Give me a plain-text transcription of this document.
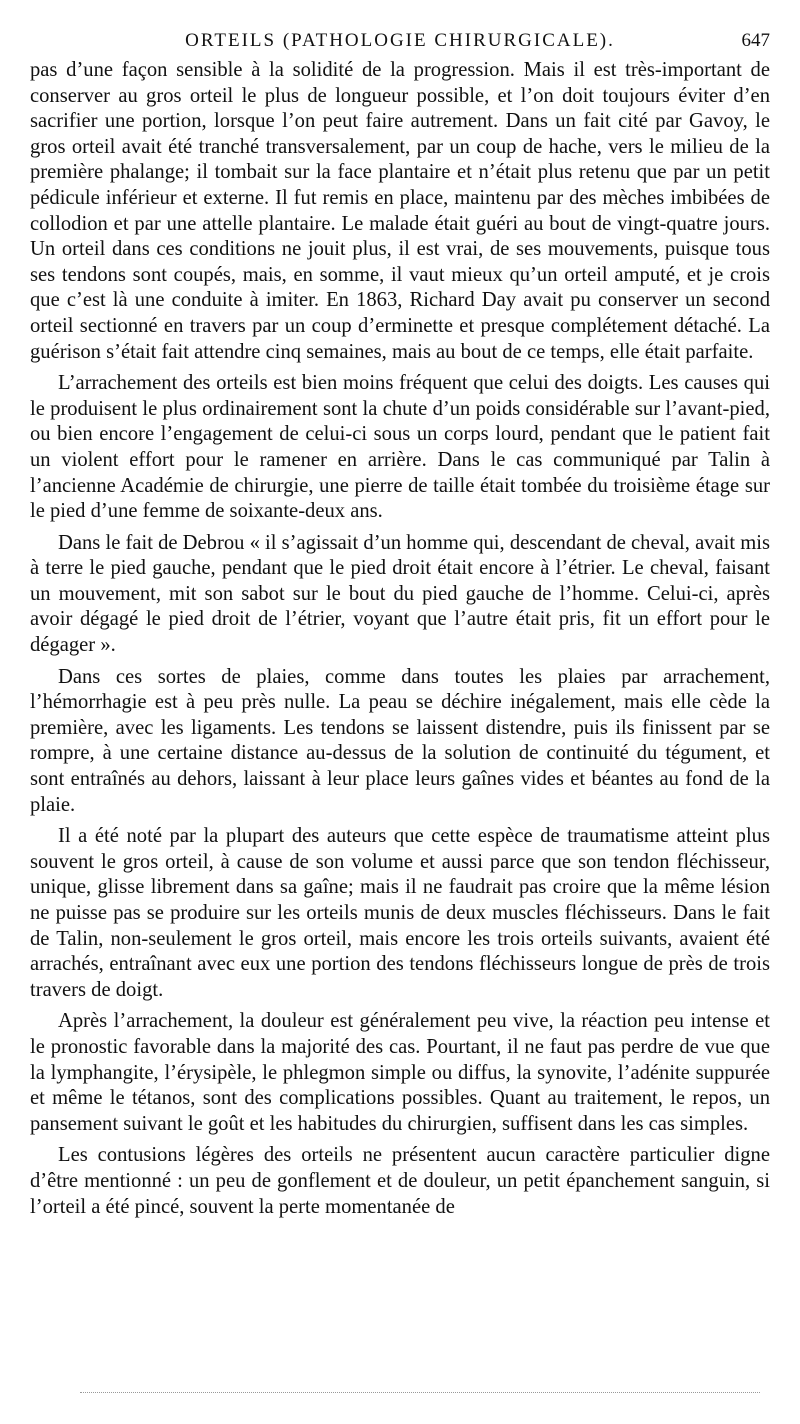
ORTEILS (PATHOLOGIE CHIRURGICALE).	647

pas d’une façon sensible à la solidité de la progression. Mais il est très-important de conserver au gros orteil le plus de longueur possible, et l’on doit toujours éviter d’en sacrifier une portion, lorsque l’on peut faire autrement. Dans un fait cité par Gavoy, le gros orteil avait été tranché transversalement, par un coup de hache, vers le milieu de la première phalange; il tombait sur la face plantaire et n’était plus retenu que par un petit pédicule inférieur et externe. Il fut remis en place, maintenu par des mèches imbibées de collodion et par une attelle plantaire. Le malade était guéri au bout de vingt-quatre jours. Un orteil dans ces conditions ne jouit plus, il est vrai, de ses mouvements, puisque tous ses tendons sont coupés, mais, en somme, il vaut mieux qu’un orteil amputé, et je crois que c’est là une conduite à imiter. En 1863, Richard Day avait pu conserver un second orteil sectionné en travers par un coup d’erminette et presque complétement détaché. La guérison s’était fait attendre cinq semaines, mais au bout de ce temps, elle était parfaite.

L’arrachement des orteils est bien moins fréquent que celui des doigts. Les causes qui le produisent le plus ordinairement sont la chute d’un poids considérable sur l’avant-pied, ou bien encore l’engagement de celui-ci sous un corps lourd, pendant que le patient fait un violent effort pour le ramener en arrière. Dans le cas communiqué par Talin à l’ancienne Académie de chirurgie, une pierre de taille était tombée du troisième étage sur le pied d’une femme de soixante-deux ans.

Dans le fait de Debrou « il s’agissait d’un homme qui, descendant de cheval, avait mis à terre le pied gauche, pendant que le pied droit était encore à l’étrier. Le cheval, faisant un mouvement, mit son sabot sur le bout du pied gauche de l’homme. Celui-ci, après avoir dégagé le pied droit de l’étrier, voyant que l’autre était pris, fit un effort pour le dégager ».

Dans ces sortes de plaies, comme dans toutes les plaies par arrachement, l’hémorrhagie est à peu près nulle. La peau se déchire inégalement, mais elle cède la première, avec les ligaments. Les tendons se laissent distendre, puis ils finissent par se rompre, à une certaine distance au-dessus de la solution de continuité du tégument, et sont entraînés au dehors, laissant à leur place leurs gaînes vides et béantes au fond de la plaie.

Il a été noté par la plupart des auteurs que cette espèce de traumatisme atteint plus souvent le gros orteil, à cause de son volume et aussi parce que son tendon fléchisseur, unique, glisse librement dans sa gaîne; mais il ne faudrait pas croire que la même lésion ne puisse pas se produire sur les orteils munis de deux muscles fléchisseurs. Dans le fait de Talin, non-seulement le gros orteil, mais encore les trois orteils suivants, avaient été arrachés, entraînant avec eux une portion des tendons fléchisseurs longue de près de trois travers de doigt.

Après l’arrachement, la douleur est généralement peu vive, la réaction peu intense et le pronostic favorable dans la majorité des cas. Pourtant, il ne faut pas perdre de vue que la lymphangite, l’érysipèle, le phlegmon simple ou diffus, la synovite, l’adénite suppurée et même le tétanos, sont des complications possibles. Quant au traitement, le repos, un pansement suivant le goût et les habitudes du chirurgien, suffisent dans les cas simples.

Les contusions légères des orteils ne présentent aucun caractère particulier digne d’être mentionné : un peu de gonflement et de douleur, un petit épanchement sanguin, si l’orteil a été pincé, souvent la perte momentanée de
